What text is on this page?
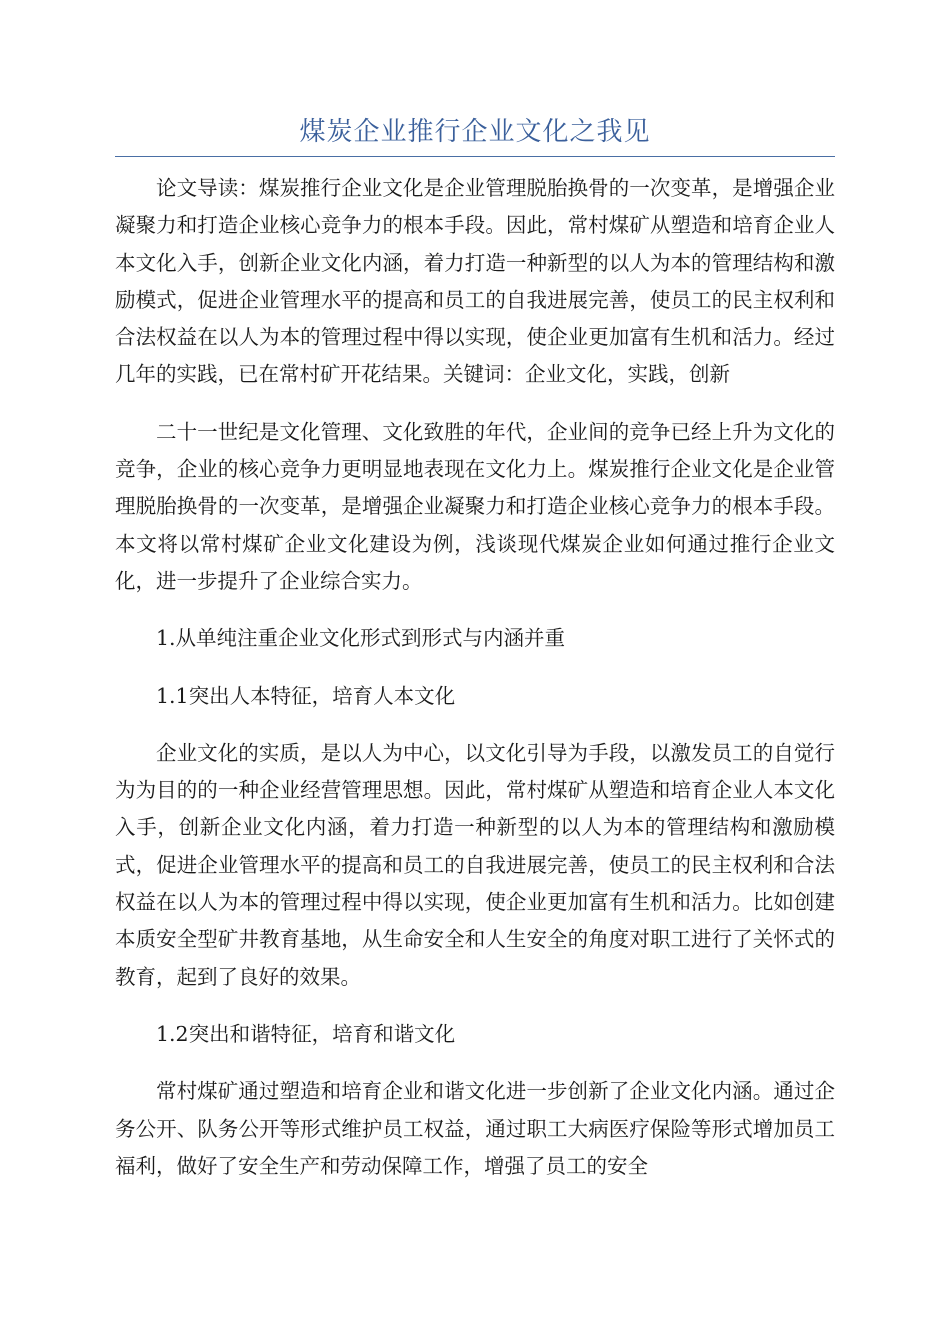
煤炭企业推行企业文化之我见

论文导读：煤炭推行企业文化是企业管理脱胎换骨的一次变革，是增强企业凝聚力和打造企业核心竞争力的根本手段。因此，常村煤矿从塑造和培育企业人本文化入手，创新企业文化内涵，着力打造一种新型的以人为本的管理结构和激励模式，促进企业管理水平的提高和员工的自我进展完善，使员工的民主权利和合法权益在以人为本的管理过程中得以实现，使企业更加富有生机和活力。经过几年的实践，已在常村矿开花结果。关键词：企业文化，实践，创新

二十一世纪是文化管理、文化致胜的年代，企业间的竞争已经上升为文化的竞争，企业的核心竞争力更明显地表现在文化力上。煤炭推行企业文化是企业管理脱胎换骨的一次变革，是增强企业凝聚力和打造企业核心竞争力的根本手段。本文将以常村煤矿企业文化建设为例，浅谈现代煤炭企业如何通过推行企业文化，进一步提升了企业综合实力。

1.从单纯注重企业文化形式到形式与内涵并重

1.1突出人本特征，培育人本文化

企业文化的实质，是以人为中心，以文化引导为手段，以激发员工的自觉行为为目的的一种企业经营管理思想。因此，常村煤矿从塑造和培育企业人本文化入手，创新企业文化内涵，着力打造一种新型的以人为本的管理结构和激励模式，促进企业管理水平的提高和员工的自我进展完善，使员工的民主权利和合法权益在以人为本的管理过程中得以实现，使企业更加富有生机和活力。比如创建本质安全型矿井教育基地，从生命安全和人生安全的角度对职工进行了关怀式的教育，起到了良好的效果。

1.2突出和谐特征，培育和谐文化

常村煤矿通过塑造和培育企业和谐文化进一步创新了企业文化内涵。通过企务公开、队务公开等形式维护员工权益，通过职工大病医疗保险等形式增加员工福利，做好了安全生产和劳动保障工作，增强了员工的安全
